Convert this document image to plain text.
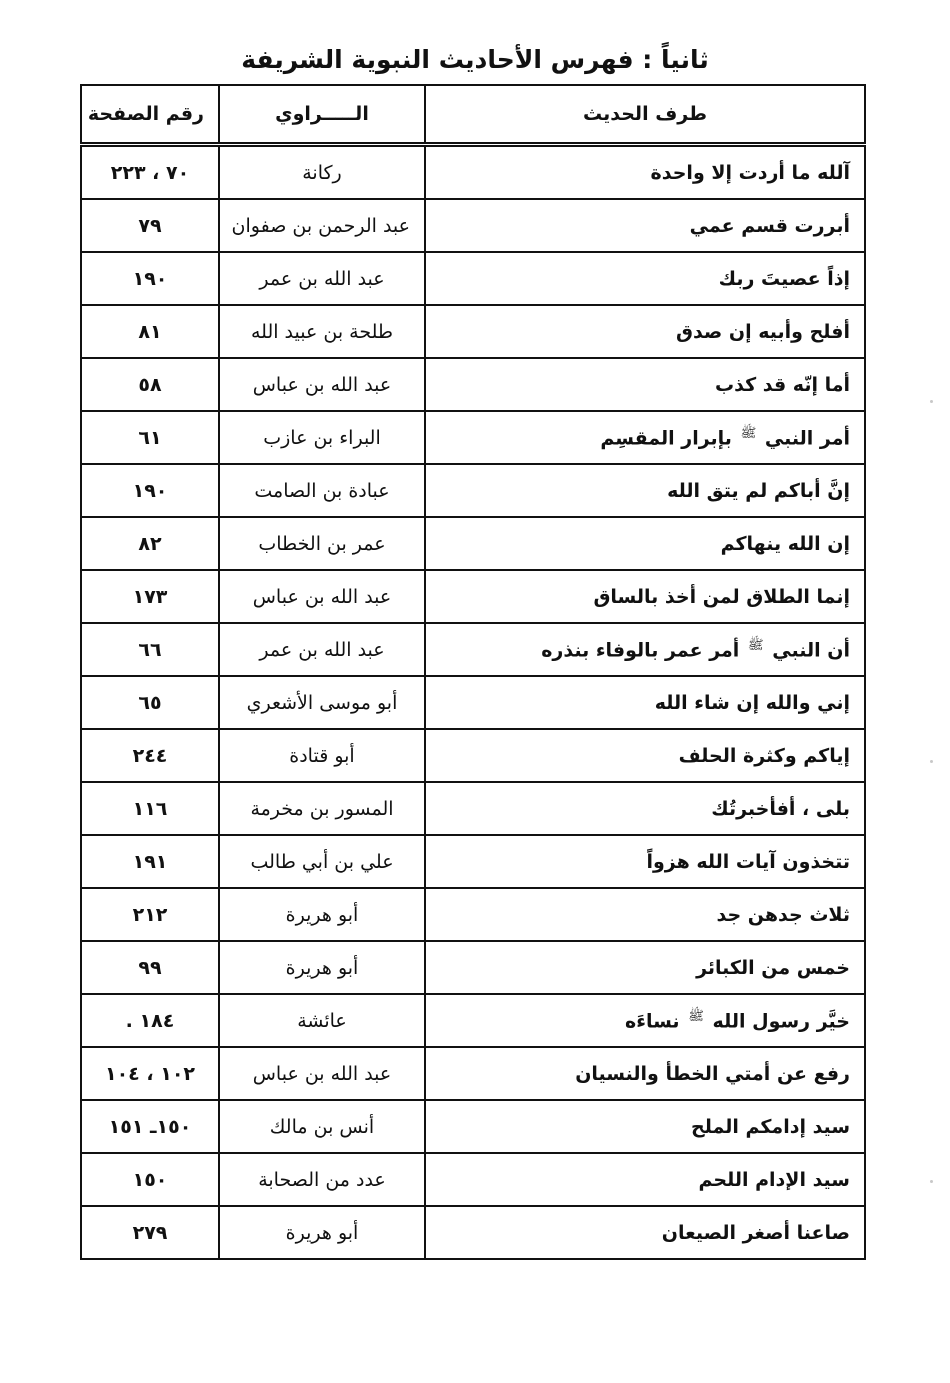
ثانياً : فهرس الأحاديث النبوية الشريفة
طرف الحديث	الـــــراوي	رقم الصفحة
آلله ما أردت إلا واحدة	ركانة	٧٠ ، ٢٢٣
أبررت قسم عمي	عبد الرحمن بن صفوان	٧٩
إذاً عصيتَ ربك	عبد الله بن عمر	١٩٠
أفلح وأبيه إن صدق	طلحة بن عبيد الله	٨١
أما إنّه قد كذب	عبد الله بن عباس	٥٨
أمر النبي $^ﷺ$ بإبرار المقسِم	البراء بن عازب	٦١
إنَّ أباكم لم يتق الله	عبادة بن الصامت	١٩٠
إن الله ينهاكم	عمر بن الخطاب	٨٢
إنما الطلاق لمن أخذ بالساق	عبد الله بن عباس	١٧٣
أن النبي $^ﷺ$ أمر عمر بالوفاء بنذره	عبد الله بن عمر	٦٦
إني والله إن شاء الله	أبو موسى الأشعري	٦٥
إياكم وكثرة الحلف	أبو قتادة	٢٤٤
بلى ، أفأخبرتُك	المسور بن مخرمة	١١٦
تتخذون آيات الله هزواً	علي بن أبي طالب	١٩١
ثلاث جدهن جد	أبو هريرة	٢١٢
خمس من الكبائر	أبو هريرة	٩٩
خيَّر رسول الله $^ﷺ$ نساءَه	عائشة	١٨٤ .
رفع عن أمتي الخطأ والنسيان	عبد الله بن عباس	١٠٢ ، ١٠٤
سيد إدامكم الملح	أنس بن مالك	١٥٠ـ ١٥١
سيد الإدام اللحم	عدد من الصحابة	١٥٠
صاعنا أصغر الصيعان	أبو هريرة	٢٧٩
